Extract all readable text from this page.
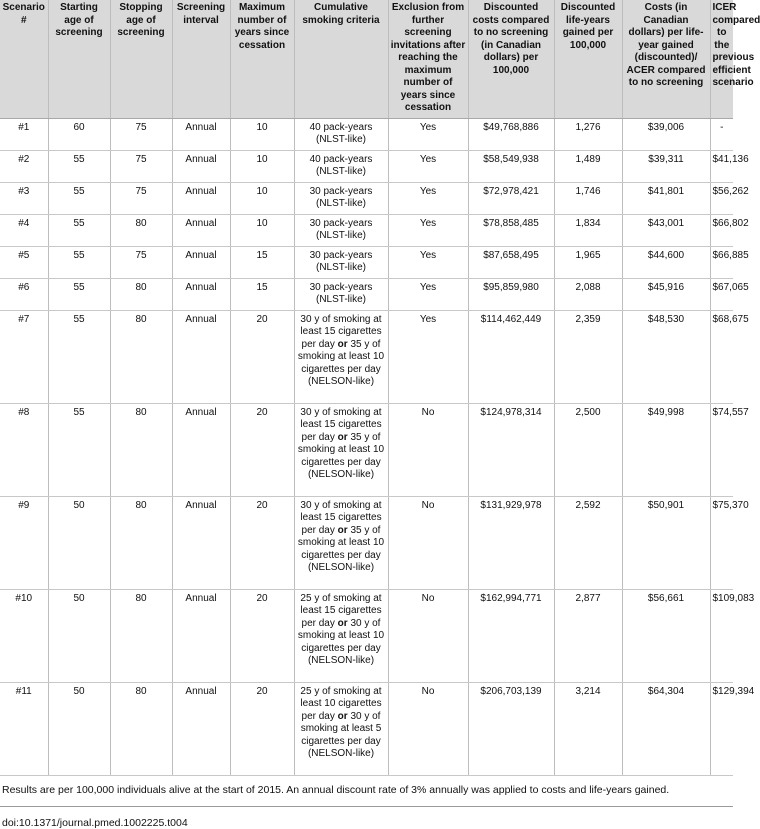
Scenario #	Starting age of screening	Stopping age of screening	Screening interval	Maximum number of years since cessation	Cumulative smoking criteria	Exclusion from further screening invitations after reaching the maximum number of years since cessation	Discounted costs compared to no screening (in Canadian dollars) per 100,000	Discounted life-years gained per 100,000	Costs (in Canadian dollars) per life-year gained (discounted)/ ACER compared to no screening	ICER compared to the previous efficient scenario
#1	60	75	Annual	10	40 pack-years (NLST-like)	Yes	$49,768,886	1,276	$39,006	-
#2	55	75	Annual	10	40 pack-years (NLST-like)	Yes	$58,549,938	1,489	$39,311	$41,136
#3	55	75	Annual	10	30 pack-years (NLST-like)	Yes	$72,978,421	1,746	$41,801	$56,262
#4	55	80	Annual	10	30 pack-years (NLST-like)	Yes	$78,858,485	1,834	$43,001	$66,802
#5	55	75	Annual	15	30 pack-years (NLST-like)	Yes	$87,658,495	1,965	$44,600	$66,885
#6	55	80	Annual	15	30 pack-years (NLST-like)	Yes	$95,859,980	2,088	$45,916	$67,065
#7	55	80	Annual	20	30 y of smoking at least 15 cigarettes per day or 35 y of smoking at least 10 cigarettes per day (NELSON-like)	Yes	$114,462,449	2,359	$48,530	$68,675
#8	55	80	Annual	20	30 y of smoking at least 15 cigarettes per day or 35 y of smoking at least 10 cigarettes per day (NELSON-like)	No	$124,978,314	2,500	$49,998	$74,557
#9	50	80	Annual	20	30 y of smoking at least 15 cigarettes per day or 35 y of smoking at least 10 cigarettes per day (NELSON-like)	No	$131,929,978	2,592	$50,901	$75,370
#10	50	80	Annual	20	25 y of smoking at least 15 cigarettes per day or 30 y of smoking at least 10 cigarettes per day (NELSON-like)	No	$162,994,771	2,877	$56,661	$109,083
#11	50	80	Annual	20	25 y of smoking at least 10 cigarettes per day or 30 y of smoking at least 5 cigarettes per day (NELSON-like)	No	$206,703,139	3,214	$64,304	$129,394
Results are per 100,000 individuals alive at the start of 2015. An annual discount rate of 3% annually was applied to costs and life-years gained.
doi:10.1371/journal.pmed.1002225.t004
